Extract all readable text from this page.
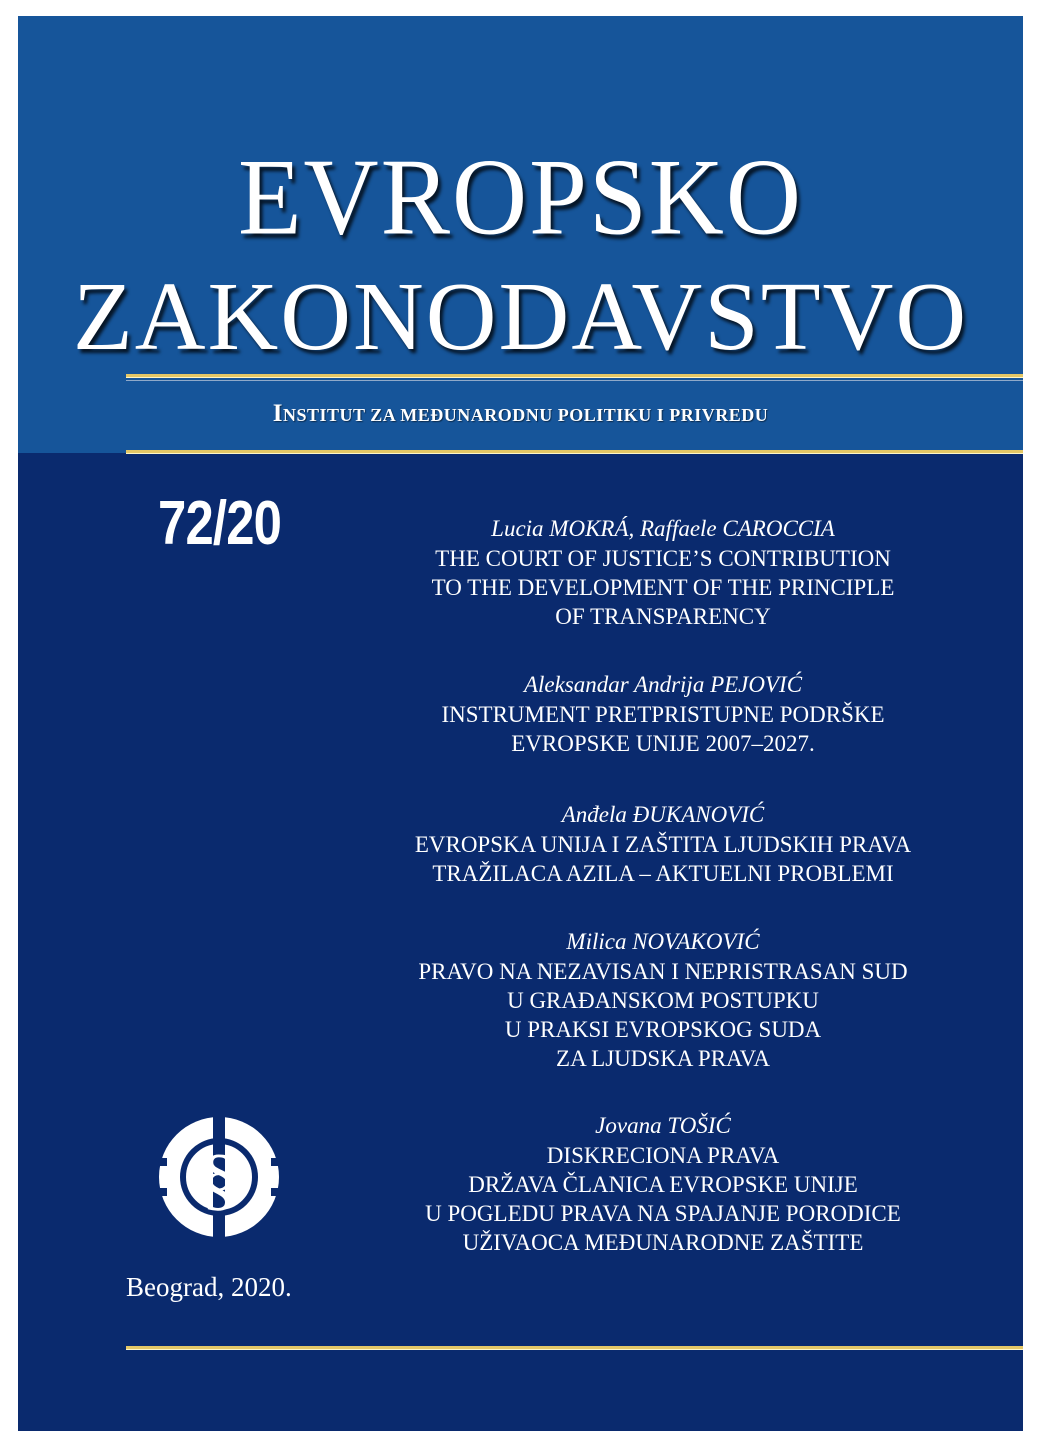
EVROPSKO
ZAKONODAVSTVO
INSTITUT ZA MEĐUNARODNU POLITIKU I PRIVREDU
72/20	Lucia MOKRÁ, Raffaele CAROCCIA
THE COURT OF JUSTICE’S CONTRIBUTION
TO THE DEVELOPMENT OF THE PRINCIPLE
OF TRANSPARENCY
Aleksandar Andrija PEJOVIĆ
INSTRUMENT PRETPRISTUPNE PODRŠKE
EVROPSKE UNIJE 2007–2027.
Anđela ĐUKANOVIĆ
EVROPSKA UNIJA I ZAŠTITA LJUDSKIH PRAVA
TRAŽILACA AZILA – AKTUELNI PROBLEMI
Milica NOVAKOVIĆ
PRAVO NA NEZAVISAN I NEPRISTRASAN SUD
U GRAĐANSKOM POSTUPKU
U PRAKSI EVROPSKOG SUDA
ZA LJUDSKA PRAVA
Jovana TOŠIĆ
DISKRECIONA PRAVA
DRŽAVA ČLANICA EVROPSKE UNIJE
U POGLEDU PRAVA NA SPAJANJE PORODICE
UŽIVAOCA MEĐUNARODNE ZAŠTITE
§
Beograd, 2020.
